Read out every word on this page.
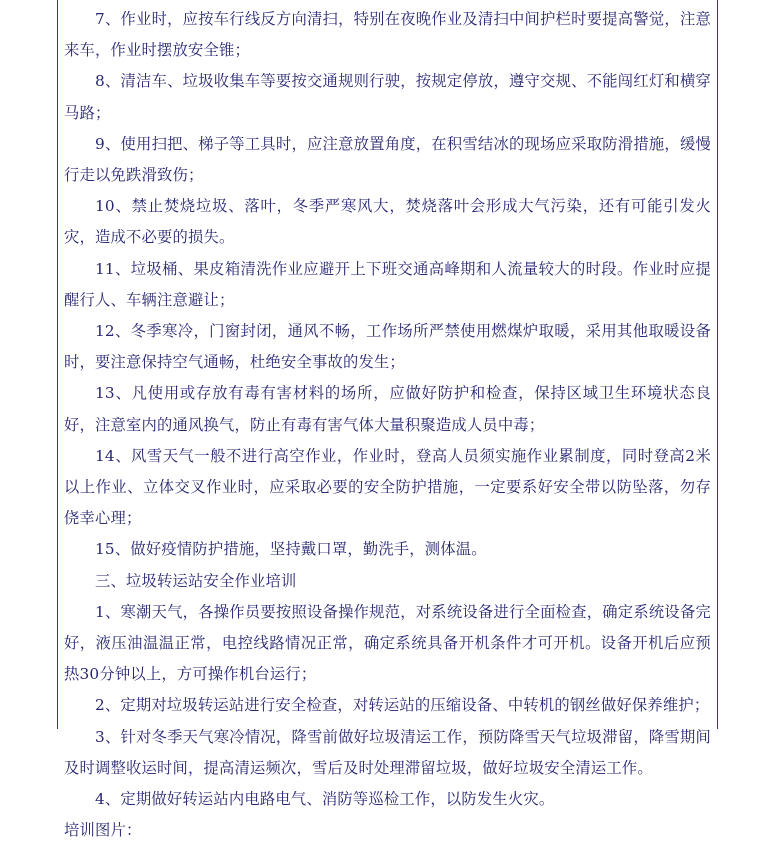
7、作业时，应按车行线反方向清扫，特别在夜晚作业及清扫中间护栏时要提高警觉，注意来车，作业时摆放安全锥；

8、清洁车、垃圾收集车等要按交通规则行驶，按规定停放，遵守交规、不能闯红灯和横穿马路；

9、使用扫把、梯子等工具时，应注意放置角度，在积雪结冰的现场应采取防滑措施，缓慢行走以免跌滑致伤；

10、禁止焚烧垃圾、落叶，冬季严寒风大，焚烧落叶会形成大气污染，还有可能引发火灾，造成不必要的损失。

11、垃圾桶、果皮箱清洗作业应避开上下班交通高峰期和人流量较大的时段。作业时应提醒行人、车辆注意避让；

12、冬季寒冷，门窗封闭，通风不畅，工作场所严禁使用燃煤炉取暖，采用其他取暖设备时，要注意保持空气通畅，杜绝安全事故的发生；

13、凡使用或存放有毒有害材料的场所，应做好防护和检查，保持区域卫生环境状态良好，注意室内的通风换气，防止有毒有害气体大量积聚造成人员中毒；

14、风雪天气一般不进行高空作业，作业时，登高人员须实施作业累制度，同时登高2米以上作业、立体交叉作业时，应采取必要的安全防护措施，一定要系好安全带以防坠落，勿存侥幸心理；

15、做好疫情防护措施，坚持戴口罩，勤洗手，测体温。

三、垃圾转运站安全作业培训

1、寒潮天气，各操作员要按照设备操作规范，对系统设备进行全面检查，确定系统设备完好，液压油温温正常，电控线路情况正常，确定系统具备开机条件才可开机。设备开机后应预热30分钟以上，方可操作机台运行；

2、定期对垃圾转运站进行安全检查，对转运站的压缩设备、中转机的钢丝做好保养维护；

3、针对冬季天气寒冷情况，降雪前做好垃圾清运工作，预防降雪天气垃圾滞留，降雪期间及时调整收运时间，提高清运频次，雪后及时处理滞留垃圾，做好垃圾安全清运工作。

4、定期做好转运站内电路电气、消防等巡检工作，以防发生火灾。

培训图片：
